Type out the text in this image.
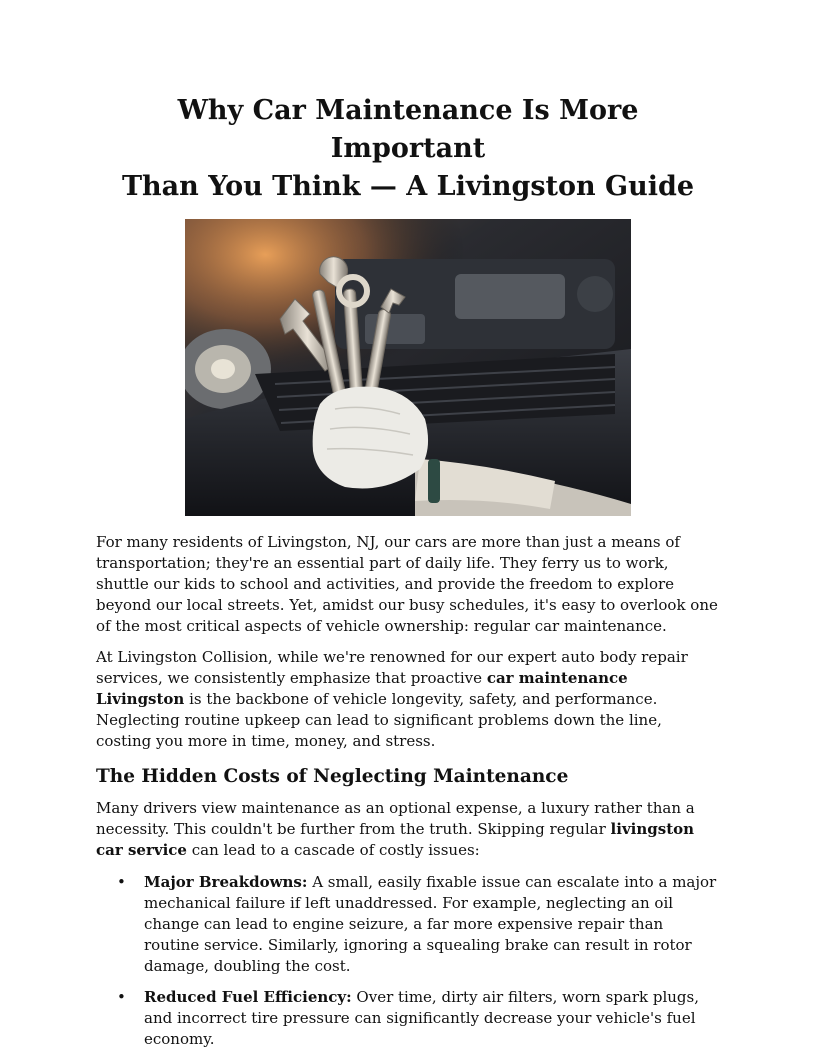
Why Car Maintenance Is More Important
Than You Think — A Livingston Guide

For many residents of Livingston, NJ, our cars are more than just a means of transportation; they're an essential part of daily life. They ferry us to work, shuttle our kids to school and activities, and provide the freedom to explore beyond our local streets. Yet, amidst our busy schedules, it's easy to overlook one of the most critical aspects of vehicle ownership: regular car maintenance.

At Livingston Collision, while we're renowned for our expert auto body repair services, we consistently emphasize that proactive car maintenance Livingston is the backbone of vehicle longevity, safety, and performance. Neglecting routine upkeep can lead to significant problems down the line, costing you more in time, money, and stress.

The Hidden Costs of Neglecting Maintenance

Many drivers view maintenance as an optional expense, a luxury rather than a necessity. This couldn't be further from the truth. Skipping regular livingston car service can lead to a cascade of costly issues:

• Major Breakdowns: A small, easily fixable issue can escalate into a major mechanical failure if left unaddressed. For example, neglecting an oil change can lead to engine seizure, a far more expensive repair than routine service. Similarly, ignoring a squealing brake can result in rotor damage, doubling the cost.
• Reduced Fuel Efficiency: Over time, dirty air filters, worn spark plugs, and incorrect tire pressure can significantly decrease your vehicle's fuel economy.
